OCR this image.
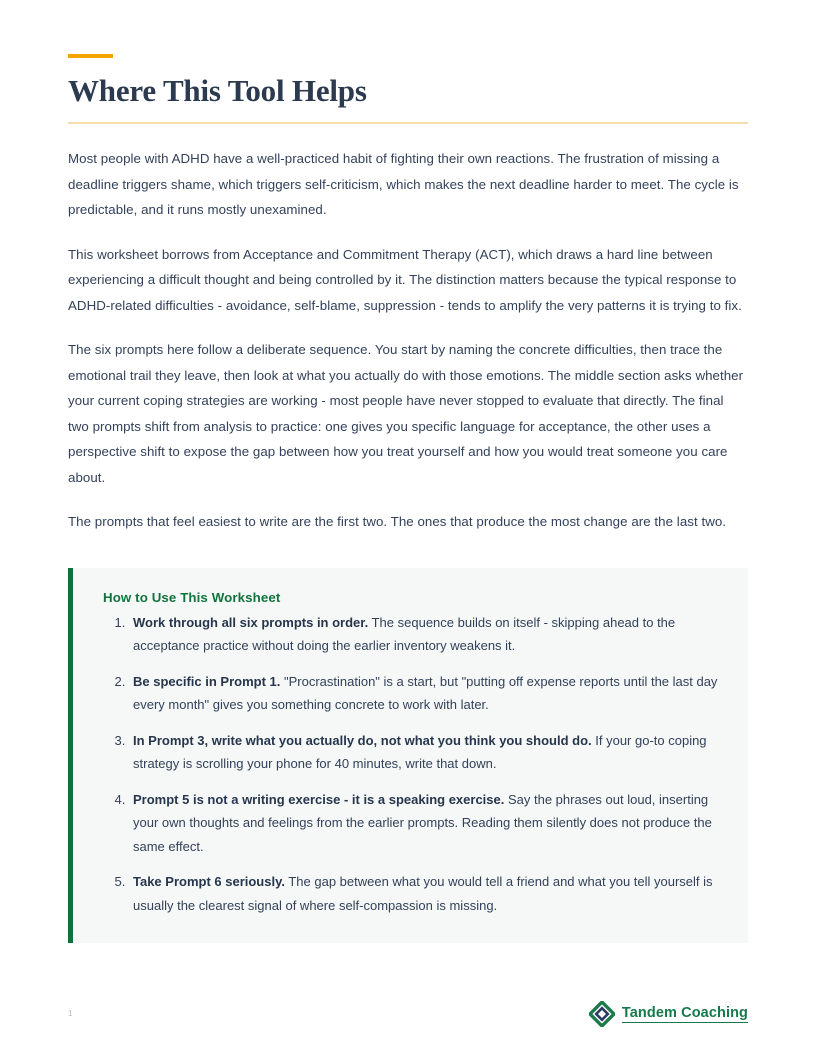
Where This Tool Helps

Most people with ADHD have a well-practiced habit of fighting their own reactions. The frustration of missing a deadline triggers shame, which triggers self-criticism, which makes the next deadline harder to meet. The cycle is predictable, and it runs mostly unexamined.

This worksheet borrows from Acceptance and Commitment Therapy (ACT), which draws a hard line between experiencing a difficult thought and being controlled by it. The distinction matters because the typical response to ADHD-related difficulties - avoidance, self-blame, suppression - tends to amplify the very patterns it is trying to fix.

The six prompts here follow a deliberate sequence. You start by naming the concrete difficulties, then trace the emotional trail they leave, then look at what you actually do with those emotions. The middle section asks whether your current coping strategies are working - most people have never stopped to evaluate that directly. The final two prompts shift from analysis to practice: one gives you specific language for acceptance, the other uses a perspective shift to expose the gap between how you treat yourself and how you would treat someone you care about.

The prompts that feel easiest to write are the first two. The ones that produce the most change are the last two.

How to Use This Worksheet
1. Work through all six prompts in order. The sequence builds on itself - skipping ahead to the acceptance practice without doing the earlier inventory weakens it.
2. Be specific in Prompt 1. "Procrastination" is a start, but "putting off expense reports until the last day every month" gives you something concrete to work with later.
3. In Prompt 3, write what you actually do, not what you think you should do. If your go-to coping strategy is scrolling your phone for 40 minutes, write that down.
4. Prompt 5 is not a writing exercise - it is a speaking exercise. Say the phrases out loud, inserting your own thoughts and feelings from the earlier prompts. Reading them silently does not produce the same effect.
5. Take Prompt 6 seriously. The gap between what you would tell a friend and what you tell yourself is usually the clearest signal of where self-compassion is missing.
1	Tandem Coaching
